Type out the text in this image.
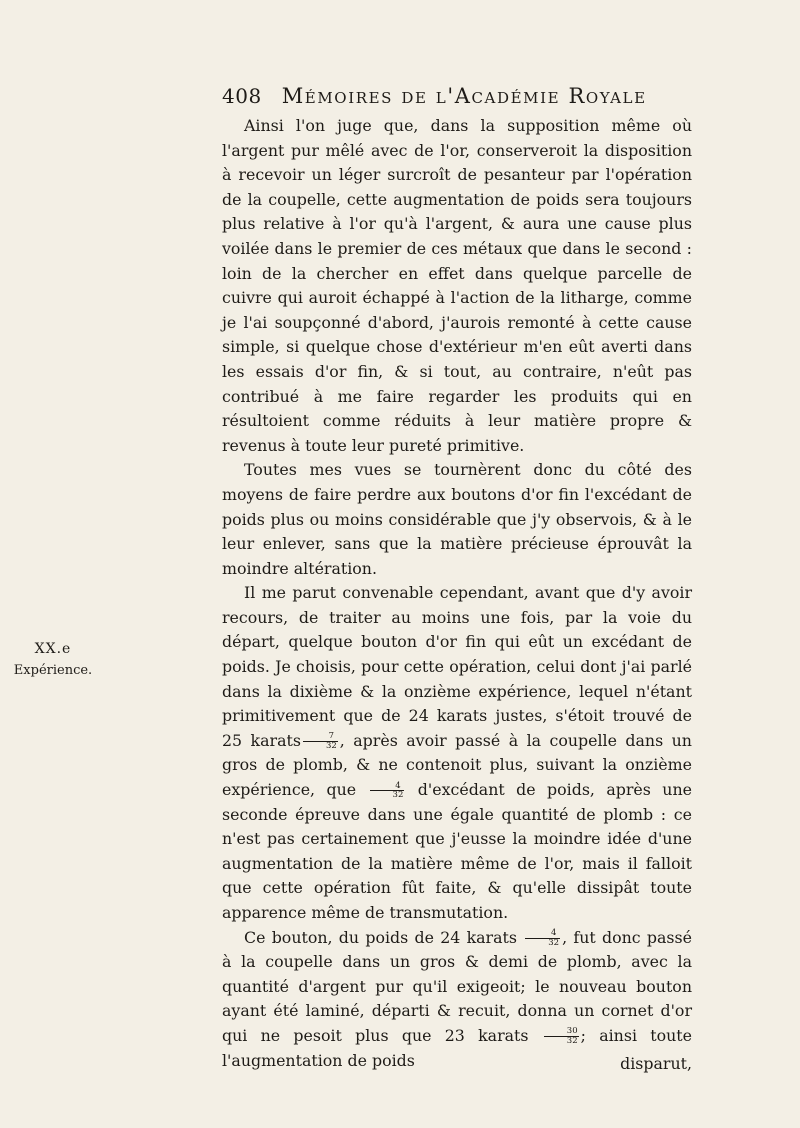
408 Mémoires de l'Académie Royale
XX.e
Expérience.

Ainsi l'on juge que, dans la supposition même où l'argent pur mêlé avec de l'or, conserveroit la disposition à recevoir un léger surcroît de pesanteur par l'opération de la coupelle, cette augmentation de poids sera toujours plus relative à l'or qu'à l'argent, & aura une cause plus voilée dans le premier de ces métaux que dans le second : loin de la chercher en effet dans quelque parcelle de cuivre qui auroit échappé à l'action de la litharge, comme je l'ai soupçonné d'abord, j'aurois remonté à cette cause simple, si quelque chose d'extérieur m'en eût averti dans les essais d'or fin, & si tout, au contraire, n'eût pas contribué à me faire regarder les produits qui en résultoient comme réduits à leur matière propre & revenus à toute leur pureté primitive.

Toutes mes vues se tournèrent donc du côté des moyens de faire perdre aux boutons d'or fin l'excédant de poids plus ou moins considérable que j'y observois, & à le leur enlever, sans que la matière précieuse éprouvât la moindre altération.

Il me parut convenable cependant, avant que d'y avoir recours, de traiter au moins une fois, par la voie du départ, quelque bouton d'or fin qui eût un excédant de poids. Je choisis, pour cette opération, celui dont j'ai parlé dans la dixième & la onzième expérience, lequel n'étant primitivement que de 24 karats justes, s'étoit trouvé de 25 karats $\frac{7}{32}$ , après avoir passé à la coupelle dans un gros de plomb, & ne contenoit plus, suivant la onzième expérience, que $\frac{4}{32}$ d'excédant de poids, après une seconde épreuve dans une égale quantité de plomb : ce n'est pas certainement que j'eusse la moindre idée d'une augmentation de la matière même de l'or, mais il falloit que cette opération fût faite, & qu'elle dissipât toute apparence même de transmutation.

Ce bouton, du poids de 24 karats $\frac{4}{32}$ , fut donc passé à la coupelle dans un gros & demi de plomb, avec la quantité d'argent pur qu'il exigeoit; le nouveau bouton ayant été laminé, départi & recuit, donna un cornet d'or qui ne pesoit plus que 23 karats $\frac{30}{32}$ ; ainsi toute l'augmentation de poids	disparut,
